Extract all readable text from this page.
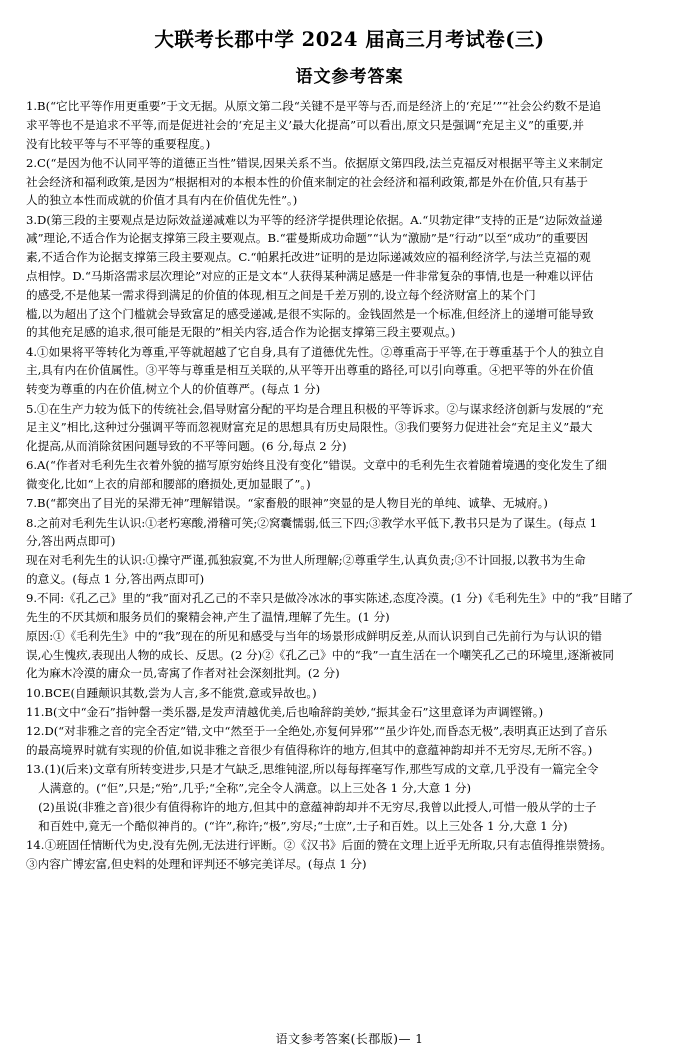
大联考长郡中学 2024 届高三月考试卷(三)
语文参考答案
1.B(“它比平等作用更重要”于文无据。从原文第二段“关键不是平等与否,而是经济上的‘充足’”“社会公约数不是追
求平等也不是追求不平等,而是促进社会的‘充足主义’最大化提高”可以看出,原文只是强调“充足主义”的重要,并
没有比较平等与不平等的重要程度。)
2.C(“是因为他不认同平等的道德正当性”错误,因果关系不当。依据原文第四段,法兰克福反对根据平等主义来制定
社会经济和福利政策,是因为“根据相对的本根本性的价值来制定的社会经济和福利政策,都是外在价值,只有基于
人的独立本性而成就的价值才具有内在价值优先性”。)
3.D(第三段的主要观点是边际效益递减难以为平等的经济学提供理论依据。A.“贝勃定律”支持的正是“边际效益递
减”理论,不适合作为论据支撑第三段主要观点。B.“霍曼斯成功命题”“认为“激励”是“行动”以至“成功”的重要因
素,不适合作为论据支撑第三段主要观点。C.“帕累托改进”证明的是边际递减效应的福利经济学,与法兰克福的观
点相悖。D.“马斯洛需求层次理论”对应的正是文本“人获得某种满足感是一件非常复杂的事情,也是一种难以评估
的感受,不是他某一需求得到满足的价值的体现,相互之间是千差万别的,设立每个经济财富上的某个门
槛,以为超出了这个门槛就会导致富足的感受递减,是很不实际的。金钱固然是一个标准,但经济上的递增可能导致
的其他充足感的追求,很可能是无限的”相关内容,适合作为论据支撑第三段主要观点。)
4.①如果将平等转化为尊重,平等就超越了它自身,具有了道德优先性。②尊重高于平等,在于尊重基于个人的独立自
主,具有内在价值属性。③平等与尊重是相互关联的,从平等开出尊重的路径,可以引向尊重。④把平等的外在价值
转变为尊重的内在价值,树立个人的价值尊严。(每点 1 分)
5.①在生产力较为低下的传统社会,倡导财富分配的平均是合理且积极的平等诉求。②与谋求经济创新与发展的“充
足主义”相比,这种过分强调平等而忽视财富充足的思想具有历史局限性。③我们要努力促进社会“充足主义”最大
化提高,从而消除贫困问题导致的不平等问题。(6 分,每点 2 分)
6.A(“作者对毛利先生衣着外貌的描写原穷始终且没有变化”错误。文章中的毛利先生衣着随着境遇的变化发生了细
微变化,比如“上衣的肩部和腰部的磨损处,更加显眼了”。)
7.B(“都突出了目光的呆滞无神”理解错误。“家畜般的眼神”突显的是人物目光的单纯、诚挚、无城府。)
8.之前对毛利先生认识:①老朽寒酸,滑稽可笑;②窝囊懦弱,低三下四;③教学水平低下,教书只是为了谋生。(每点 1
分,答出两点即可)
现在对毛利先生的认识:①操守严谨,孤独寂寞,不为世人所理解;②尊重学生,认真负责;③不计回报,以教书为生命
的意义。(每点 1 分,答出两点即可)
9.不同:《孔乙己》里的“我”面对孔乙己的不幸只是做冷冰冰的事实陈述,态度冷漠。(1 分)《毛利先生》中的“我”目睹了
先生的不厌其烦和服务员们的聚精会神,产生了温情,理解了先生。(1 分)
原因:①《毛利先生》中的“我”现在的所见和感受与当年的场景形成鲜明反差,从而认识到自己先前行为与认识的错
误,心生愧疚,表现出人物的成长、反思。(2 分)②《孔乙己》中的“我”一直生活在一个嘲笑孔乙己的环境里,逐渐被同
化为麻木冷漠的庸众一员,寄寓了作者对社会深刻批判。(2 分)
10.BCE(自踵颠识其数,尝为人言,多不能赏,意或异故也。)
11.B(文中“金石”指钟罄一类乐器,是发声清越优美,后也喻辞韵美妙,“振其金石”这里意译为声调铿锵。)
12.D(“对非雅之音的完全否定”错,文中“然至于一全绝处,亦复何异邪”“虽少许处,而昏态无极”,表明真正达到了音乐
的最高境界时就有实现的价值,如说非雅之音很少有值得称许的地方,但其中的意蕴神韵却并不无穷尽,无所不容。)
13.(1)(后来)文章有所转变进步,只是才气缺乏,思维钝涩,所以每每挥毫写作,那些写成的文章,几乎没有一篇完全令
人满意的。(“佢”,只是;“殆”,几乎;“全称”,完全令人满意。以上三处各 1 分,大意 1 分)
(2)虽说(非雅之音)很少有值得称许的地方,但其中的意蕴神韵却并不无穷尽,我曾以此授人,可惜一般从学的士子
和百姓中,竟无一个酷似神肖的。(“许”,称许;“极”,穷尽;“士庶”,士子和百姓。以上三处各 1 分,大意 1 分)
14.①班固任情断代为史,没有先例,无法进行评断。②《汉书》后面的赞在文理上近乎无所取,只有志值得推崇赞扬。
③内容广博宏富,但史料的处理和评判还不够完美详尽。(每点 1 分)
语文参考答案(长郡版)— 1
